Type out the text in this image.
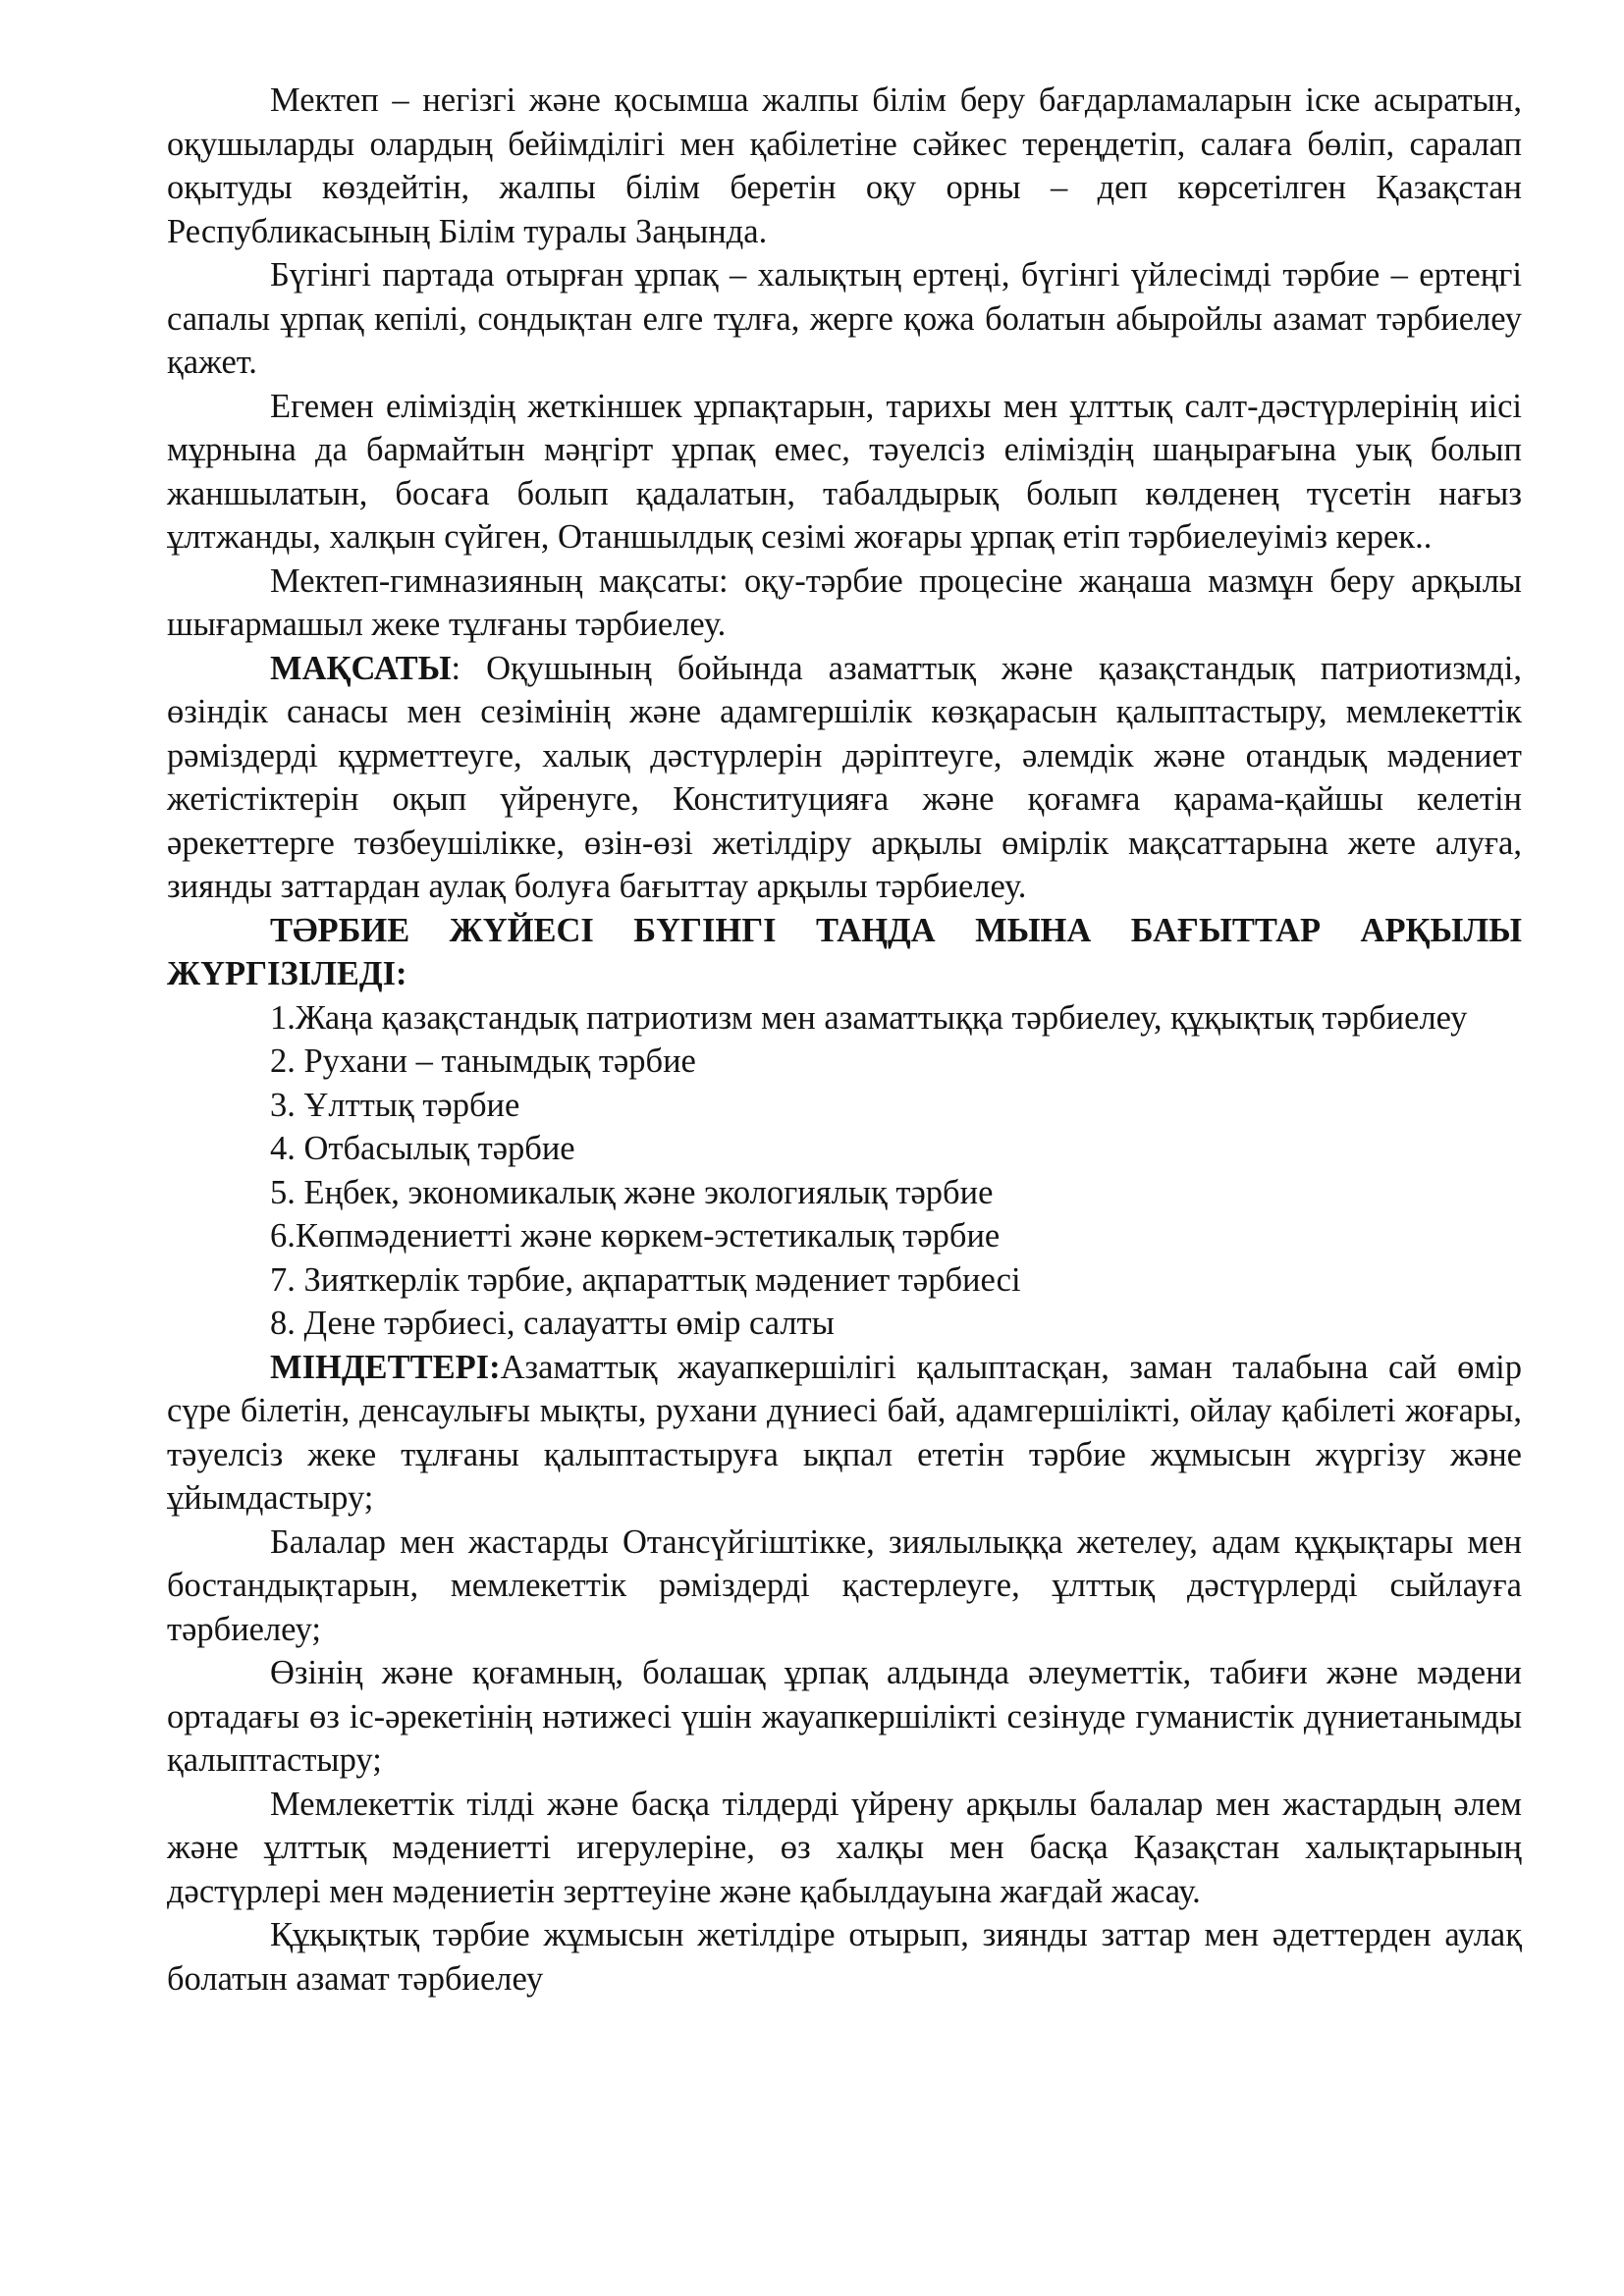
Мектеп – негізгі және қосымша жалпы білім беру бағдарламаларын іске асыратын, оқушыларды олардың бейімділігі мен қабілетіне сәйкес тереңдетіп, салаға бөліп, саралап оқытуды көздейтін, жалпы білім беретін оқу орны – деп көрсетілген Қазақстан Республикасының Білім туралы Заңында.

Бүгінгі партада отырған ұрпақ – халықтың ертеңі, бүгінгі үйлесімді тәрбие – ертеңгі сапалы ұрпақ кепілі, сондықтан елге тұлға, жерге қожа болатын абыройлы азамат тәрбиелеу қажет.

Егемен еліміздің жеткіншек ұрпақтарын, тарихы мен ұлттық салт-дәстүрлерінің иісі мұрнына да бармайтын мәңгірт ұрпақ емес, тәуелсіз еліміздің шаңырағына уық болып жаншылатын, босаға болып қадалатын, табалдырық болып көлденең түсетін нағыз ұлтжанды, халқын сүйген, Отаншылдық сезімі жоғары ұрпақ етіп тәрбиелеуіміз керек..

Мектеп-гимназияның мақсаты: оқу-тәрбие процесіне жаңаша мазмұн беру арқылы шығармашыл жеке тұлғаны тәрбиелеу.

МАҚСАТЫ: Оқушының бойында азаматтық және қазақстандық патриотизмді, өзіндік санасы мен сезімінің және адамгершілік көзқарасын қалыптастыру, мемлекеттік рәміздерді құрметтеуге, халық дәстүрлерін дәріптеуге, әлемдік және отандық мәдениет жетістіктерін оқып үйренуге, Конституцияға және қоғамға қарама-қайшы келетін әрекеттерге төзбеушілікке, өзін-өзі жетілдіру арқылы өмірлік мақсаттарына жете алуға, зиянды заттардан аулақ болуға бағыттау арқылы тәрбиелеу.

ТӘРБИЕ ЖҮЙЕСІ БҮГІНГІ ТАҢДА МЫНА БАҒЫТТАР АРҚЫЛЫ ЖҮРГІЗІЛЕДІ:

1.Жаңа қазақстандық патриотизм мен азаматтыққа тәрбиелеу, құқықтық тәрбиелеу

2. Рухани – танымдық тәрбие

3. Ұлттық тәрбие

4. Отбасылық тәрбие

5. Еңбек, экономикалық және экологиялық тәрбие

6.Көпмәдениетті және көркем-эстетикалық тәрбие

7. Зияткерлік тәрбие, ақпараттық мәдениет тәрбиесі

8. Дене тәрбиесі, салауатты өмір салты

МІНДЕТТЕРІ:Азаматтық жауапкершілігі қалыптасқан, заман талабына сай өмір сүре білетін, денсаулығы мықты, рухани дүниесі бай, адамгершілікті, ойлау қабілеті жоғары, тәуелсіз жеке тұлғаны қалыптастыруға ықпал ететін тәрбие жұмысын жүргізу және ұйымдастыру;

Балалар мен жастарды Отансүйгіштікке, зиялылыққа жетелеу, адам құқықтары мен бостандықтарын, мемлекеттік рәміздерді қастерлеуге, ұлттық дәстүрлерді сыйлауға тәрбиелеу;

Өзінің және қоғамның, болашақ ұрпақ алдында әлеуметтік, табиғи және мәдени ортадағы өз іс-әрекетінің нәтижесі үшін жауапкершілікті сезінуде гуманистік дүниетанымды қалыптастыру;

Мемлекеттік тілді және басқа тілдерді үйрену арқылы балалар мен жастардың әлем және ұлттық мәдениетті игерулеріне, өз халқы мен басқа Қазақстан халықтарының дәстүрлері мен мәдениетін зерттеуіне және қабылдауына жағдай жасау.

Құқықтық тәрбие жұмысын жетілдіре отырып, зиянды заттар мен әдеттерден аулақ болатын азамат тәрбиелеу
